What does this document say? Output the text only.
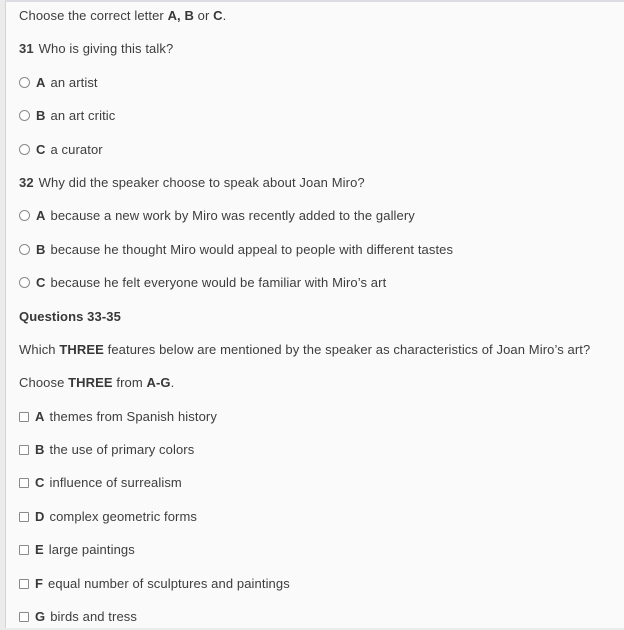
Choose the correct letter A, B or C.
31 Who is giving this talk?
A an artist
B an art critic
C a curator
32 Why did the speaker choose to speak about Joan Miro?
A because a new work by Miro was recently added to the gallery
B because he thought Miro would appeal to people with different tastes
C because he felt everyone would be familiar with Miro’s art
Questions 33-35
Which THREE features below are mentioned by the speaker as characteristics of Joan Miro’s art?
Choose THREE from A-G.
A themes from Spanish history
B the use of primary colors
C influence of surrealism
D complex geometric forms
E large paintings
F equal number of sculptures and paintings
G birds and tress
